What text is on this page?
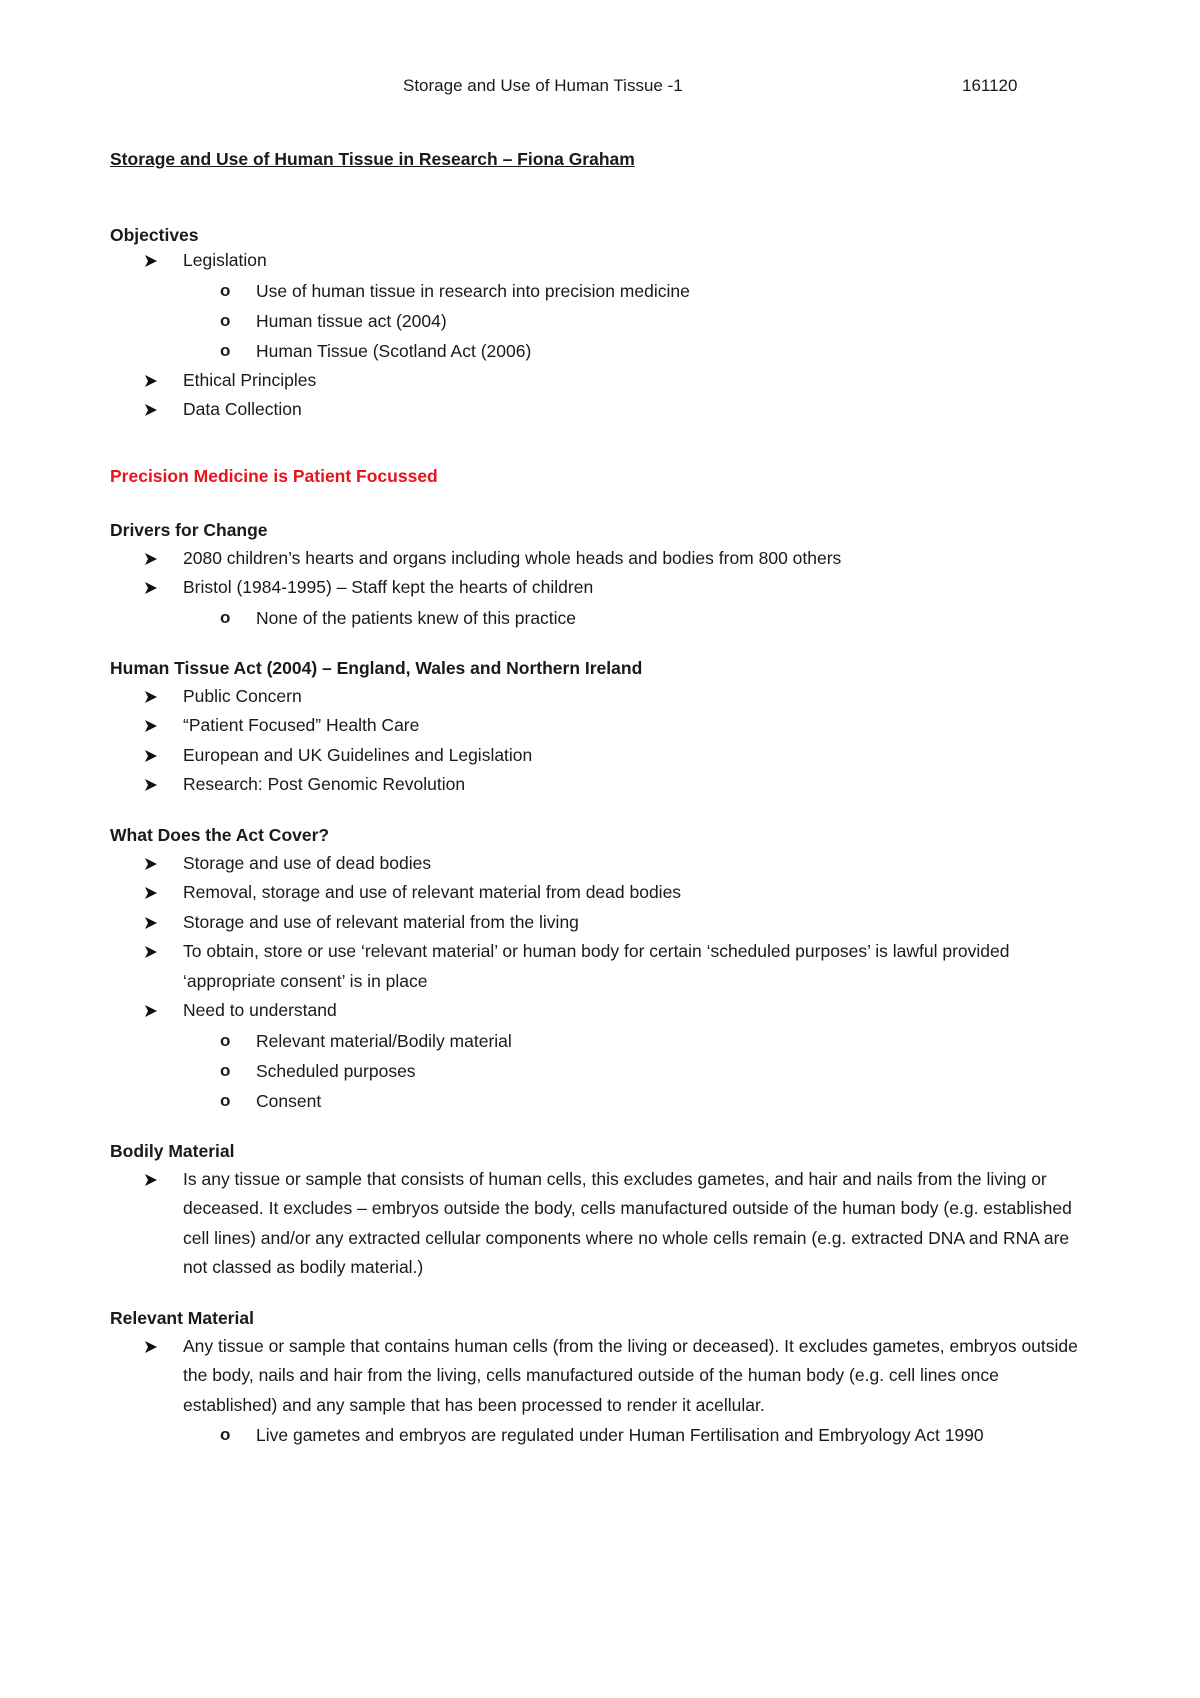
Storage and Use of Human Tissue -1	161120

Storage and Use of Human Tissue in Research – Fiona Graham

Objectives

Legislation
o Use of human tissue in research into precision medicine
o Human tissue act (2004)
o Human Tissue (Scotland Act (2006)
Ethical Principles
Data Collection

Precision Medicine is Patient Focussed

Drivers for Change

2080 children’s hearts and organs including whole heads and bodies from 800 others
Bristol (1984-1995) – Staff kept the hearts of children
o None of the patients knew of this practice

Human Tissue Act (2004) – England, Wales and Northern Ireland

Public Concern
“Patient Focused” Health Care
European and UK Guidelines and Legislation
Research: Post Genomic Revolution

What Does the Act Cover?

Storage and use of dead bodies
Removal, storage and use of relevant material from dead bodies
Storage and use of relevant material from the living
To obtain, store or use ‘relevant material’ or human body for certain ‘scheduled purposes’ is lawful provided ‘appropriate consent’ is in place
Need to understand
o Relevant material/Bodily material
o Scheduled purposes
o Consent

Bodily Material

Is any tissue or sample that consists of human cells, this excludes gametes, and hair and nails from the living or deceased. It excludes – embryos outside the body, cells manufactured outside of the human body (e.g. established cell lines) and/or any extracted cellular components where no whole cells remain (e.g. extracted DNA and RNA are not classed as bodily material.)

Relevant Material

Any tissue or sample that contains human cells (from the living or deceased). It excludes gametes, embryos outside the body, nails and hair from the living, cells manufactured outside of the human body (e.g. cell lines once established) and any sample that has been processed to render it acellular.
o Live gametes and embryos are regulated under Human Fertilisation and Embryology Act 1990
